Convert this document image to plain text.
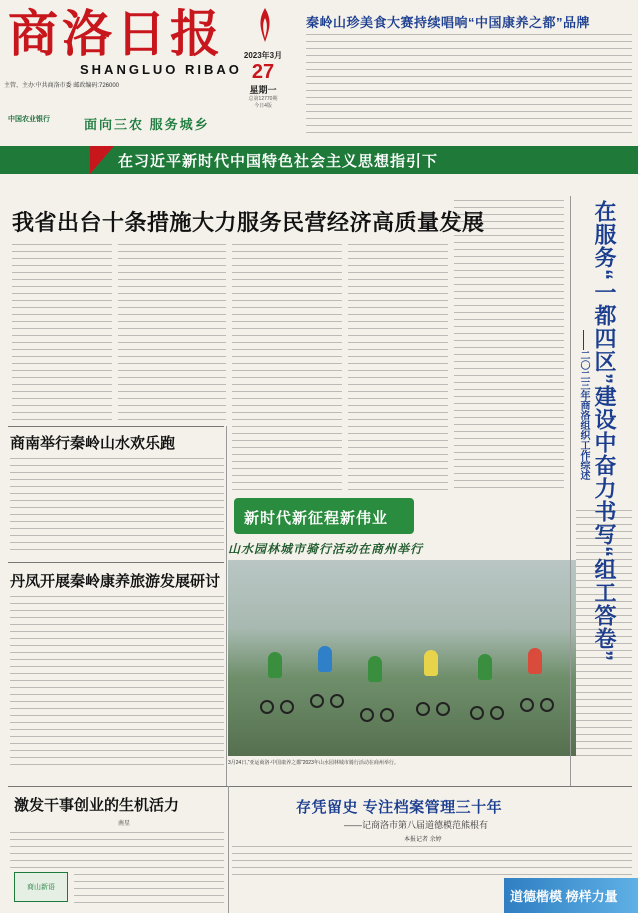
商洛日报
SHANGLUO RIBAO
主管、主办:中共商洛市委 邮政编码:726000
2023年3月
27
星期一
总第12770期
今日4版
秦岭山珍美食大赛持续唱响“中国康养之都”品牌
中国农业银行	面向三农 服务城乡
在习近平新时代中国特色社会主义思想指引下
我省出台十条措施大力服务民营经济高质量发展	在服务“一都四区”建设中奋力书写“组工答卷”
——二〇二三年商洛组织工作综述
新时代新征程新伟业
商南举行秦岭山水欢乐跑
丹凤开展秦岭康养旅游发展研讨
山水园林城市骑行活动在商州举行
3月24日,“亚运商洛·中国康养之都”2023年山水园林城市骑行活动在商州举行。
存凭留史 专注档案管理三十年
——记商洛市第八届道德模范熊根有
本报记者 余婷
激发干事创业的生机活力
南星
商山新语
道德楷模 榜样力量
